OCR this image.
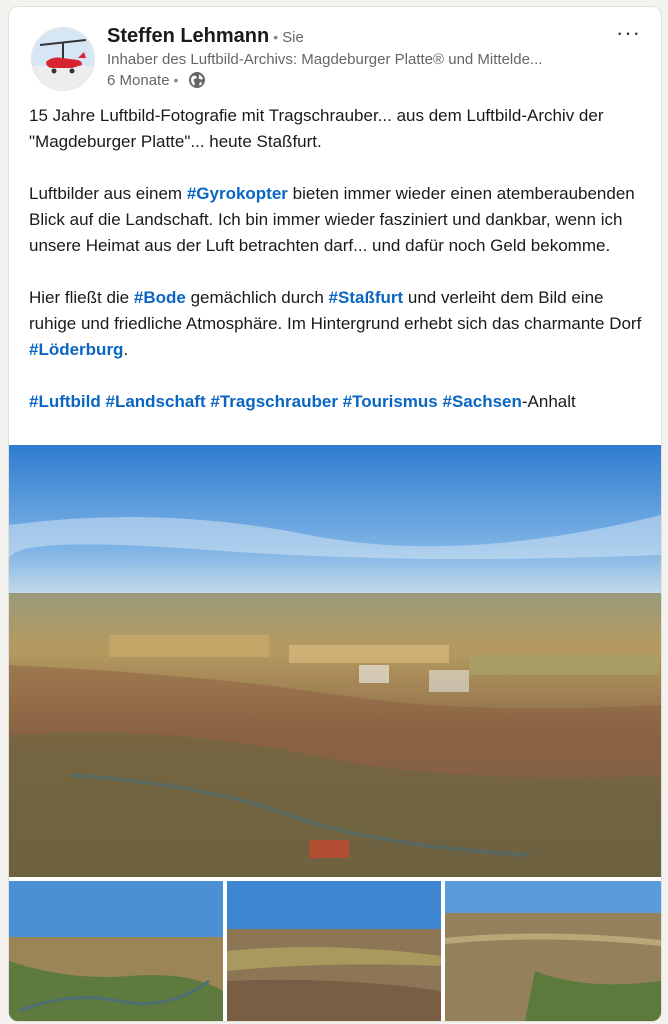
Steffen Lehmann • Sie
Inhaber des Luftbild-Archivs: Magdeburger Platte® und Mittelde...
6 Monate •
···

15 Jahre Luftbild-Fotografie mit Tragschrauber... aus dem Luftbild-Archiv der "Magdeburger Platte"... heute Staßfurt.

Luftbilder aus einem #Gyrokopter bieten immer wieder einen atemberaubenden Blick auf die Landschaft. Ich bin immer wieder fasziniert und dankbar, wenn ich unsere Heimat aus der Luft betrachten darf... und dafür noch Geld bekomme.

Hier fließt die #Bode gemächlich durch #Staßfurt und verleiht dem Bild eine ruhige und friedliche Atmosphäre. Im Hintergrund erhebt sich das charmante Dorf #Löderburg.

#Luftbild #Landschaft #Tragschrauber #Tourismus #Sachsen-Anhalt
